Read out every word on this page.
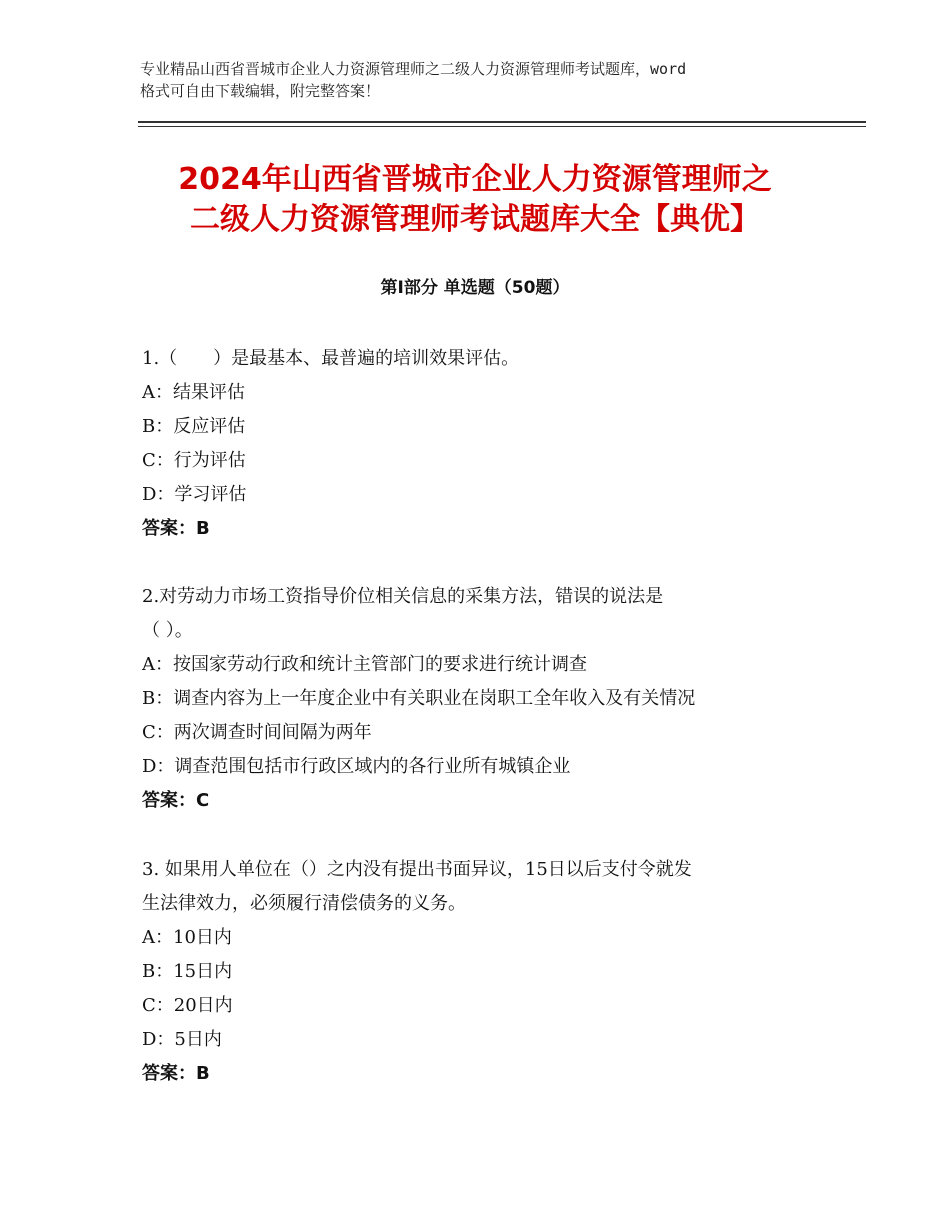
专业精品山西省晋城市企业人力资源管理师之二级人力资源管理师考试题库，word
格式可自由下载编辑，附完整答案！
2024年山西省晋城市企业人力资源管理师之
二级人力资源管理师考试题库大全【典优】
第Ⅰ部分 单选题（50题）
1.（　　）是最基本、最普遍的培训效果评估。
A：结果评估
B：反应评估
C：行为评估
D：学习评估
答案：B
2.对劳动力市场工资指导价位相关信息的采集方法，错误的说法是
（ ）。
A：按国家劳动行政和统计主管部门的要求进行统计调查
B：调查内容为上一年度企业中有关职业在岗职工全年收入及有关情况
C：两次调查时间间隔为两年
D：调查范围包括市行政区域内的各行业所有城镇企业
答案：C
3. 如果用人单位在（）之内没有提出书面异议，15日以后支付令就发
生法律效力，必须履行清偿债务的义务。
A：10日内
B：15日内
C：20日内
D：5日内
答案：B
